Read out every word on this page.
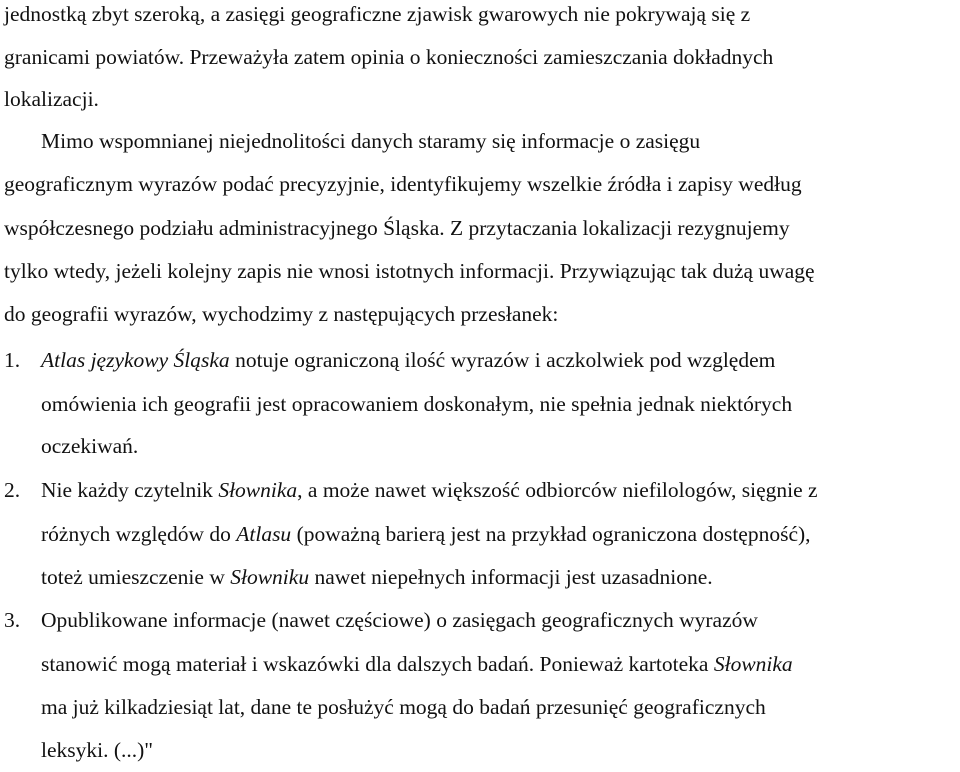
jednostką zbyt szeroką, a zasięgi geograficzne zjawisk gwarowych nie pokrywają się z
granicami powiatów. Przeważyła zatem opinia o konieczności zamieszczania dokładnych
lokalizacji.
Mimo wspomnianej niejednolitości danych staramy się informacje o zasięgu
geograficznym wyrazów podać precyzyjnie, identyfikujemy wszelkie źródła i zapisy według
współczesnego podziału administracyjnego Śląska. Z przytaczania lokalizacji rezygnujemy
tylko wtedy, jeżeli kolejny zapis nie wnosi istotnych informacji. Przywiązując tak dużą uwagę
do geografii wyrazów, wychodzimy z następujących przesłanek:
1. Atlas językowy Śląska notuje ograniczoną ilość wyrazów i aczkolwiek pod względem
omówienia ich geografii jest opracowaniem doskonałym, nie spełnia jednak niektórych
oczekiwań.
2. Nie każdy czytelnik Słownika, a może nawet większość odbiorców niefilologów, sięgnie z
różnych względów do Atlasu (poważną barierą jest na przykład ograniczona dostępność),
toteż umieszczenie w Słowniku nawet niepełnych informacji jest uzasadnione.
3. Opublikowane informacje (nawet częściowe) o zasięgach geograficznych wyrazów
stanowić mogą materiał i wskazówki dla dalszych badań. Ponieważ kartoteka Słownika
ma już kilkadziesiąt lat, dane te posłużyć mogą do badań przesunięć geograficznych
leksyki. (...)"
